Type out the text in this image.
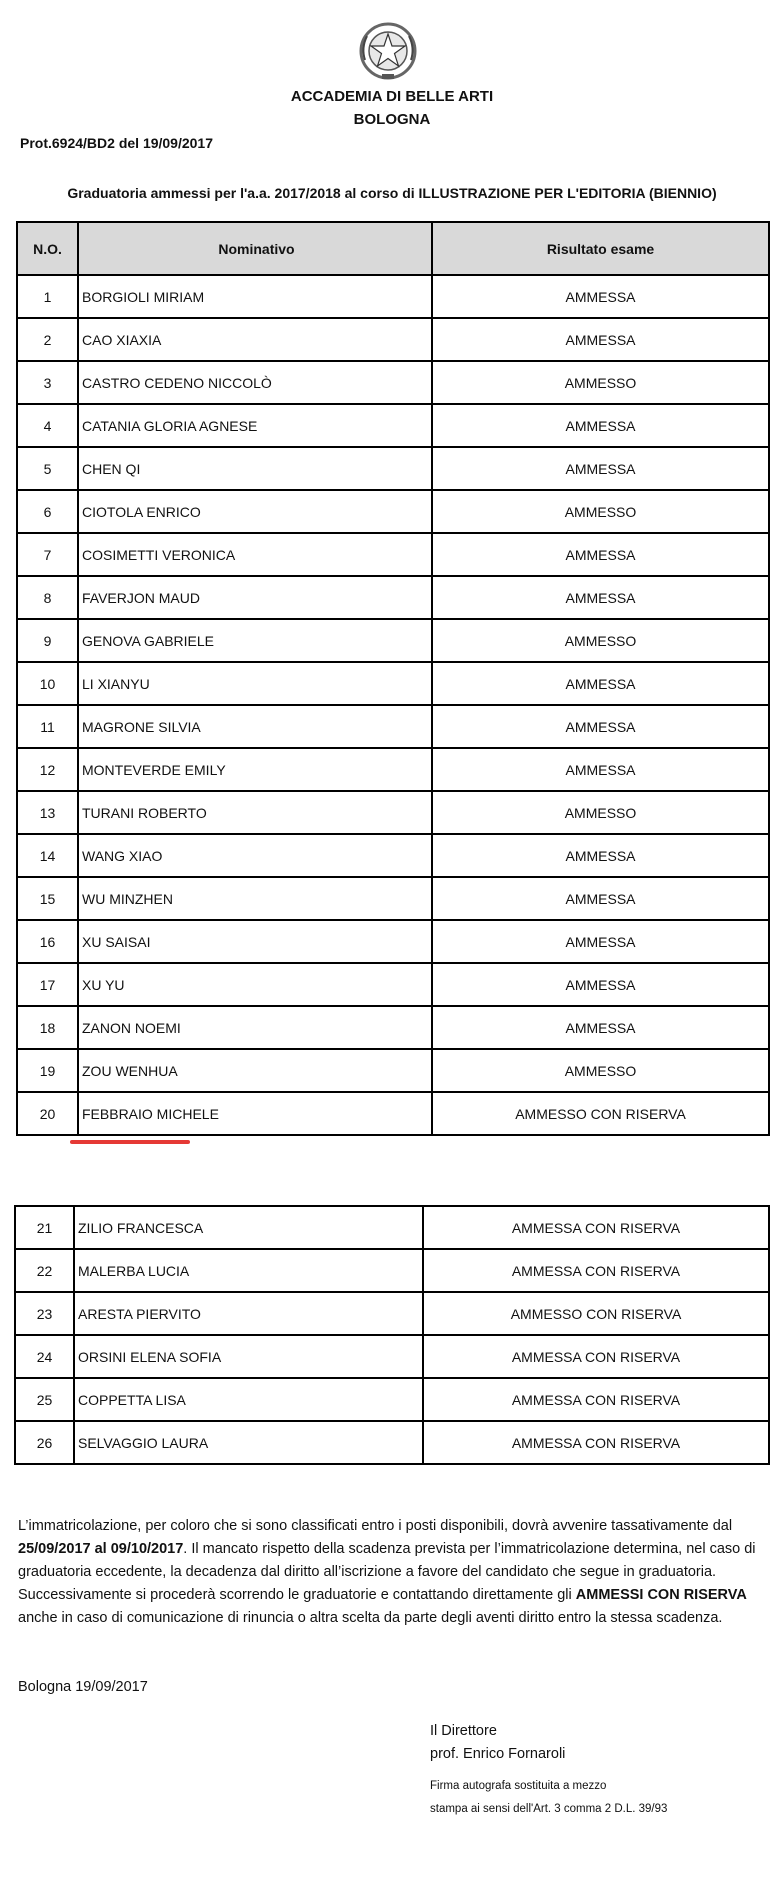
ACCADEMIA DI BELLE ARTI
BOLOGNA
Prot.6924/BD2 del 19/09/2017
Graduatoria ammessi per l'a.a. 2017/2018 al corso di ILLUSTRAZIONE PER L'EDITORIA (BIENNIO)
N.O.	Nominativo	Risultato esame
1	BORGIOLI MIRIAM	AMMESSA
2	CAO XIAXIA	AMMESSA
3	CASTRO CEDENO NICCOLÒ	AMMESSO
4	CATANIA GLORIA AGNESE	AMMESSA
5	CHEN QI	AMMESSA
6	CIOTOLA ENRICO	AMMESSO
7	COSIMETTI VERONICA	AMMESSA
8	FAVERJON MAUD	AMMESSA
9	GENOVA GABRIELE	AMMESSO
10	LI XIANYU	AMMESSA
11	MAGRONE SILVIA	AMMESSA
12	MONTEVERDE EMILY	AMMESSA
13	TURANI ROBERTO	AMMESSO
14	WANG XIAO	AMMESSA
15	WU MINZHEN	AMMESSA
16	XU SAISAI	AMMESSA
17	XU YU	AMMESSA
18	ZANON NOEMI	AMMESSA
19	ZOU WENHUA	AMMESSO
20	FEBBRAIO MICHELE	AMMESSO CON RISERVA
21	ZILIO FRANCESCA	AMMESSA CON RISERVA
22	MALERBA LUCIA	AMMESSA CON RISERVA
23	ARESTA PIERVITO	AMMESSO CON RISERVA
24	ORSINI ELENA SOFIA	AMMESSA CON RISERVA
25	COPPETTA LISA	AMMESSA CON RISERVA
26	SELVAGGIO LAURA	AMMESSA CON RISERVA
L’immatricolazione, per coloro che si sono classificati entro i posti disponibili, dovrà avvenire tassativamente dal 25/09/2017 al 09/10/2017. Il mancato rispetto della scadenza prevista per l’immatricolazione determina, nel caso di graduatoria eccedente, la decadenza dal diritto all’iscrizione a favore del candidato che segue in graduatoria. Successivamente si procederà scorrendo le graduatorie e contattando direttamente gli AMMESSI CON RISERVA anche in caso di comunicazione di rinuncia o altra scelta da parte degli aventi diritto entro la stessa scadenza.
Bologna 19/09/2017
Il Direttore
prof. Enrico Fornaroli
Firma autografa sostituita a mezzo
stampa ai sensi dell'Art. 3 comma 2 D.L. 39/93
